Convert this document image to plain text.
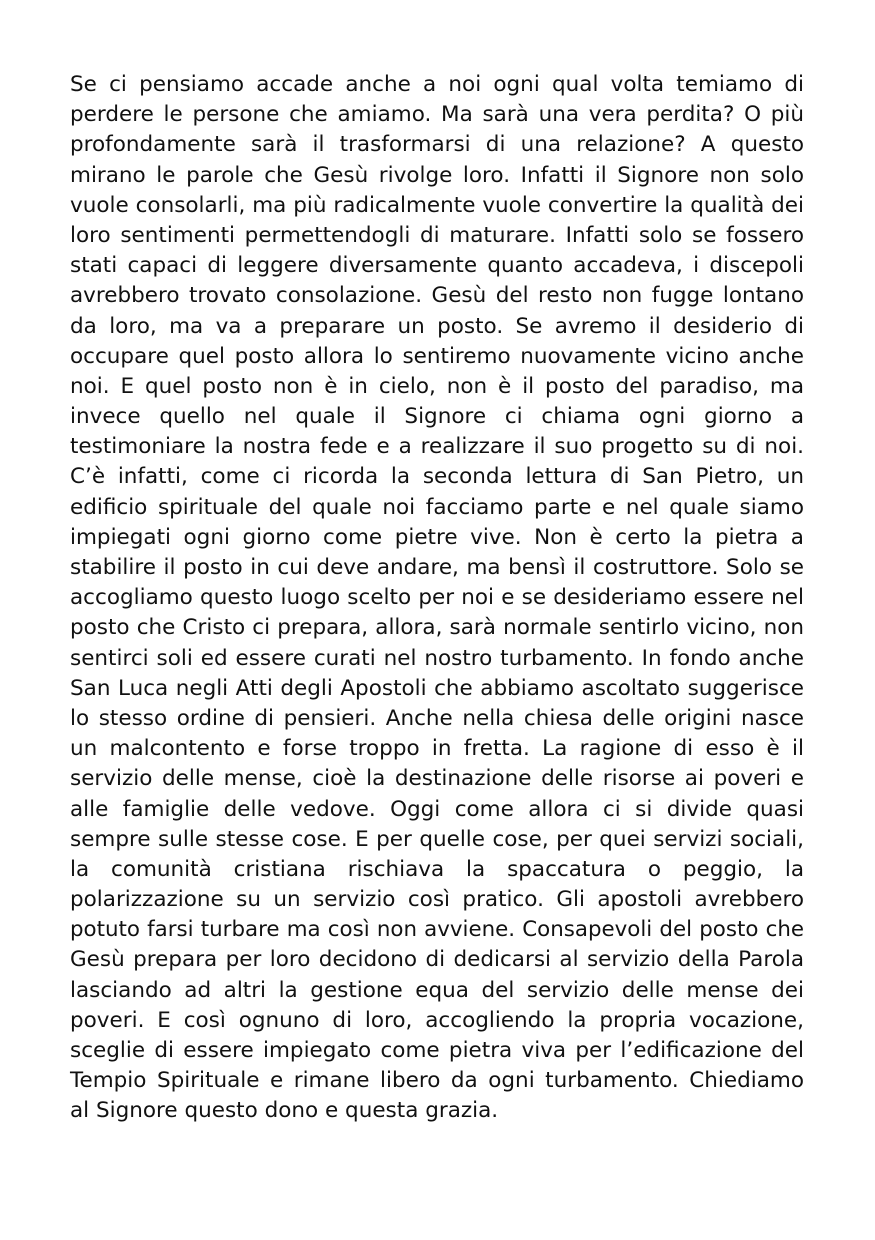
Se ci pensiamo accade anche a noi ogni qual volta temiamo di
perdere le persone che amiamo. Ma sarà una vera perdita? O più
profondamente sarà il trasformarsi di una relazione? A questo
mirano le parole che Gesù rivolge loro. Infatti il Signore non solo
vuole consolarli, ma più radicalmente vuole convertire la qualità dei
loro sentimenti permettendogli di maturare. Infatti solo se fossero
stati capaci di leggere diversamente quanto accadeva, i discepoli
avrebbero trovato consolazione. Gesù del resto non fugge lontano
da loro, ma va a preparare un posto. Se avremo il desiderio di
occupare quel posto allora lo sentiremo nuovamente vicino anche
noi. E quel posto non è in cielo, non è il posto del paradiso, ma
invece quello nel quale il Signore ci chiama ogni giorno a
testimoniare la nostra fede e a realizzare il suo progetto su di noi.
C’è infatti, come ci ricorda la seconda lettura di San Pietro, un
edificio spirituale del quale noi facciamo parte e nel quale siamo
impiegati ogni giorno come pietre vive. Non è certo la pietra a
stabilire il posto in cui deve andare, ma bensì il costruttore. Solo se
accogliamo questo luogo scelto per noi e se desideriamo essere nel
posto che Cristo ci prepara, allora, sarà normale sentirlo vicino, non
sentirci soli ed essere curati nel nostro turbamento. In fondo anche
San Luca negli Atti degli Apostoli che abbiamo ascoltato suggerisce
lo stesso ordine di pensieri. Anche nella chiesa delle origini nasce
un malcontento e forse troppo in fretta. La ragione di esso è il
servizio delle mense, cioè la destinazione delle risorse ai poveri e
alle famiglie delle vedove. Oggi come allora ci si divide quasi
sempre sulle stesse cose. E per quelle cose, per quei servizi sociali,
la comunità cristiana rischiava la spaccatura o peggio, la
polarizzazione su un servizio così pratico. Gli apostoli avrebbero
potuto farsi turbare ma così non avviene. Consapevoli del posto che
Gesù prepara per loro decidono di dedicarsi al servizio della Parola
lasciando ad altri la gestione equa del servizio delle mense dei
poveri. E così ognuno di loro, accogliendo la propria vocazione,
sceglie di essere impiegato come pietra viva per l’edificazione del
Tempio Spirituale e rimane libero da ogni turbamento. Chiediamo
al Signore questo dono e questa grazia.
